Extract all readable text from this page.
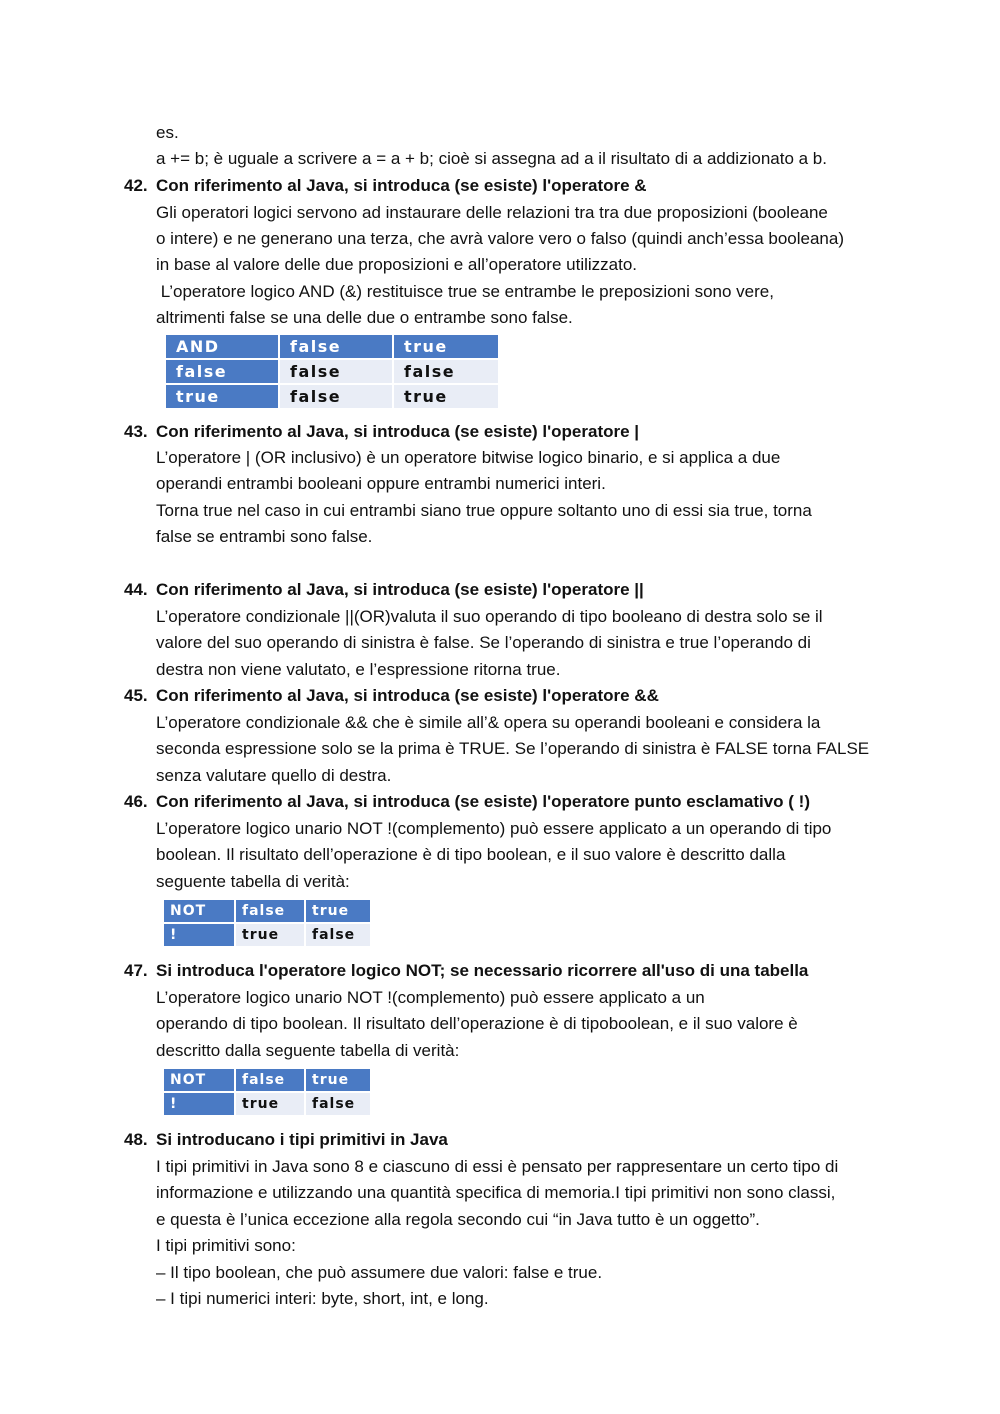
es.
a += b; è uguale a scrivere a = a + b; cioè si assegna ad a il risultato di a addizionato a b.
42. Con riferimento al Java, si introduca (se esiste) l'operatore &
Gli operatori logici servono ad instaurare delle relazioni tra tra due proposizioni (booleane
o intere) e ne generano una terza, che avrà valore vero o falso (quindi anch’essa booleana)
in base al valore delle due proposizioni e all’operatore utilizzato.
L’operatore logico AND (&) restituisce true se entrambe le preposizioni sono vere,
altrimenti false se una delle due o entrambe sono false.
AND	false	true
false	false	false
true	false	true
43. Con riferimento al Java, si introduca (se esiste) l'operatore |
L’operatore | (OR inclusivo) è un operatore bitwise logico binario, e si applica a due
operandi entrambi booleani oppure entrambi numerici interi.
Torna true nel caso in cui entrambi siano true oppure soltanto uno di essi sia true, torna
false se entrambi sono false.
44. Con riferimento al Java, si introduca (se esiste) l'operatore ||
L’operatore condizionale ||(OR)valuta il suo operando di tipo booleano di destra solo se il
valore del suo operando di sinistra è false. Se l’operando di sinistra e true l’operando di
destra non viene valutato, e l’espressione ritorna true.
45. Con riferimento al Java, si introduca (se esiste) l'operatore &&
L’operatore condizionale && che è simile all’& opera su operandi booleani e considera la
seconda espressione solo se la prima è TRUE. Se l’operando di sinistra è FALSE torna FALSE
senza valutare quello di destra.
46. Con riferimento al Java, si introduca (se esiste) l'operatore punto esclamativo ( !)
L’operatore logico unario NOT !(complemento) può essere applicato a un operando di tipo
boolean. Il risultato dell’operazione è di tipo boolean, e il suo valore è descritto dalla
seguente tabella di verità:
NOT	false	true
!	true	false
47. Si introduca l'operatore logico NOT; se necessario ricorrere all'uso di una tabella
L’operatore logico unario NOT !(complemento) può essere applicato a un
operando di tipo boolean. Il risultato dell’operazione è di tipoboolean, e il suo valore è
descritto dalla seguente tabella di verità:
NOT	false	true
!	true	false
48. Si introducano i tipi primitivi in Java
I tipi primitivi in Java sono 8 e ciascuno di essi è pensato per rappresentare un certo tipo di
informazione e utilizzando una quantità specifica di memoria.I tipi primitivi non sono classi,
e questa è l’unica eccezione alla regola secondo cui “in Java tutto è un oggetto”.
I tipi primitivi sono:
– Il tipo boolean, che può assumere due valori: false e true.
– I tipi numerici interi: byte, short, int, e long.
